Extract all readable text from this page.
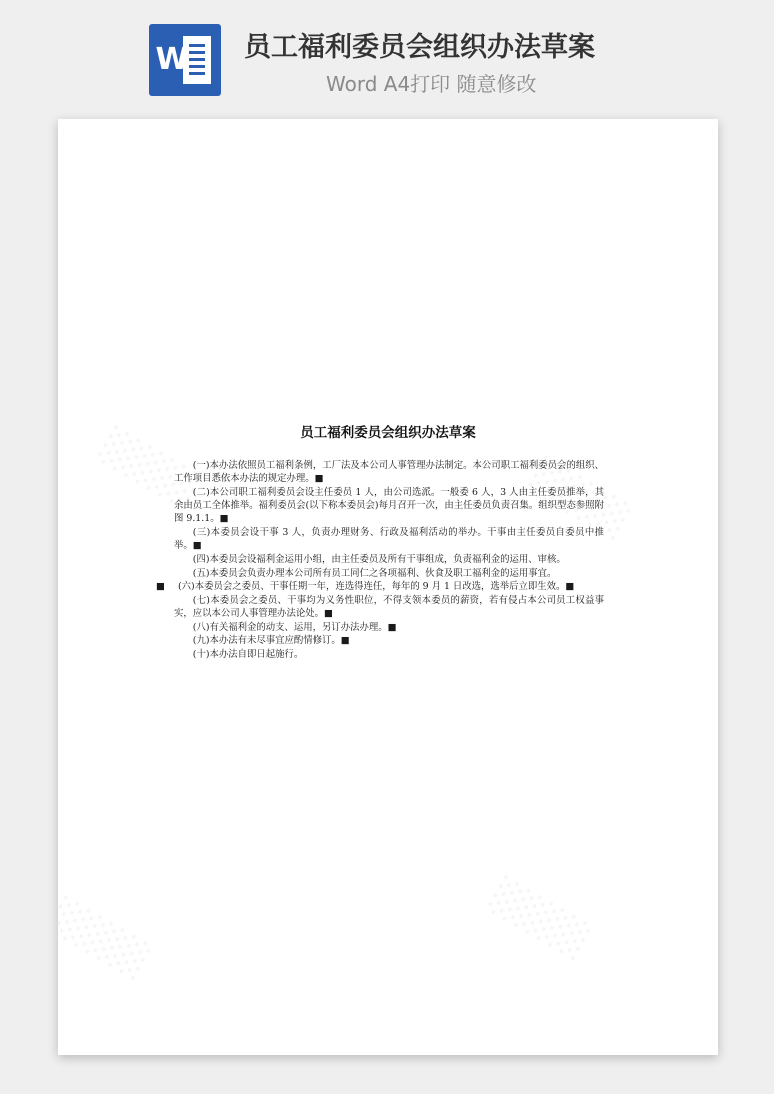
W 员工福利委员会组织办法草案
Word A4打印 随意修改
员工福利委员会组织办法草案

(一)本办法依照员工福利条例，工厂法及本公司人事管理办法制定。本公司职工福利委员会的组织、工作项目悉依本办法的规定办理。■

(二)本公司职工福利委员会设主任委员 1 人，由公司选派。一般委 6 人，3 人由主任委员推举，其余由员工全体推举。福利委员会(以下称本委员会)每月召开一次，由主任委员负责召集。组织型态参照附图 9.1.1。■

(三)本委员会设干事 3 人，负责办理财务、行政及福利活动的举办。干事由主任委员自委员中推举。■

(四)本委员会设福利金运用小组，由主任委员及所有干事组成，负责福利金的运用、审核。

(五)本委员会负责办理本公司所有员工同仁之各项福利、伙食及职工福利金的运用事宜。

■ (六)本委员会之委员、干事任期一年，连选得连任，每年的 9 月 1 日改选，选举后立即生效。■

(七)本委员会之委员、干事均为义务性职位，不得支领本委员的薪资，若有侵占本公司员工权益事实，应以本公司人事管理办法论处。■

(八)有关福利金的动支、运用，另订办法办理。■

(九)本办法有未尽事宜应酌情修订。■

(十)本办法自即日起施行。
